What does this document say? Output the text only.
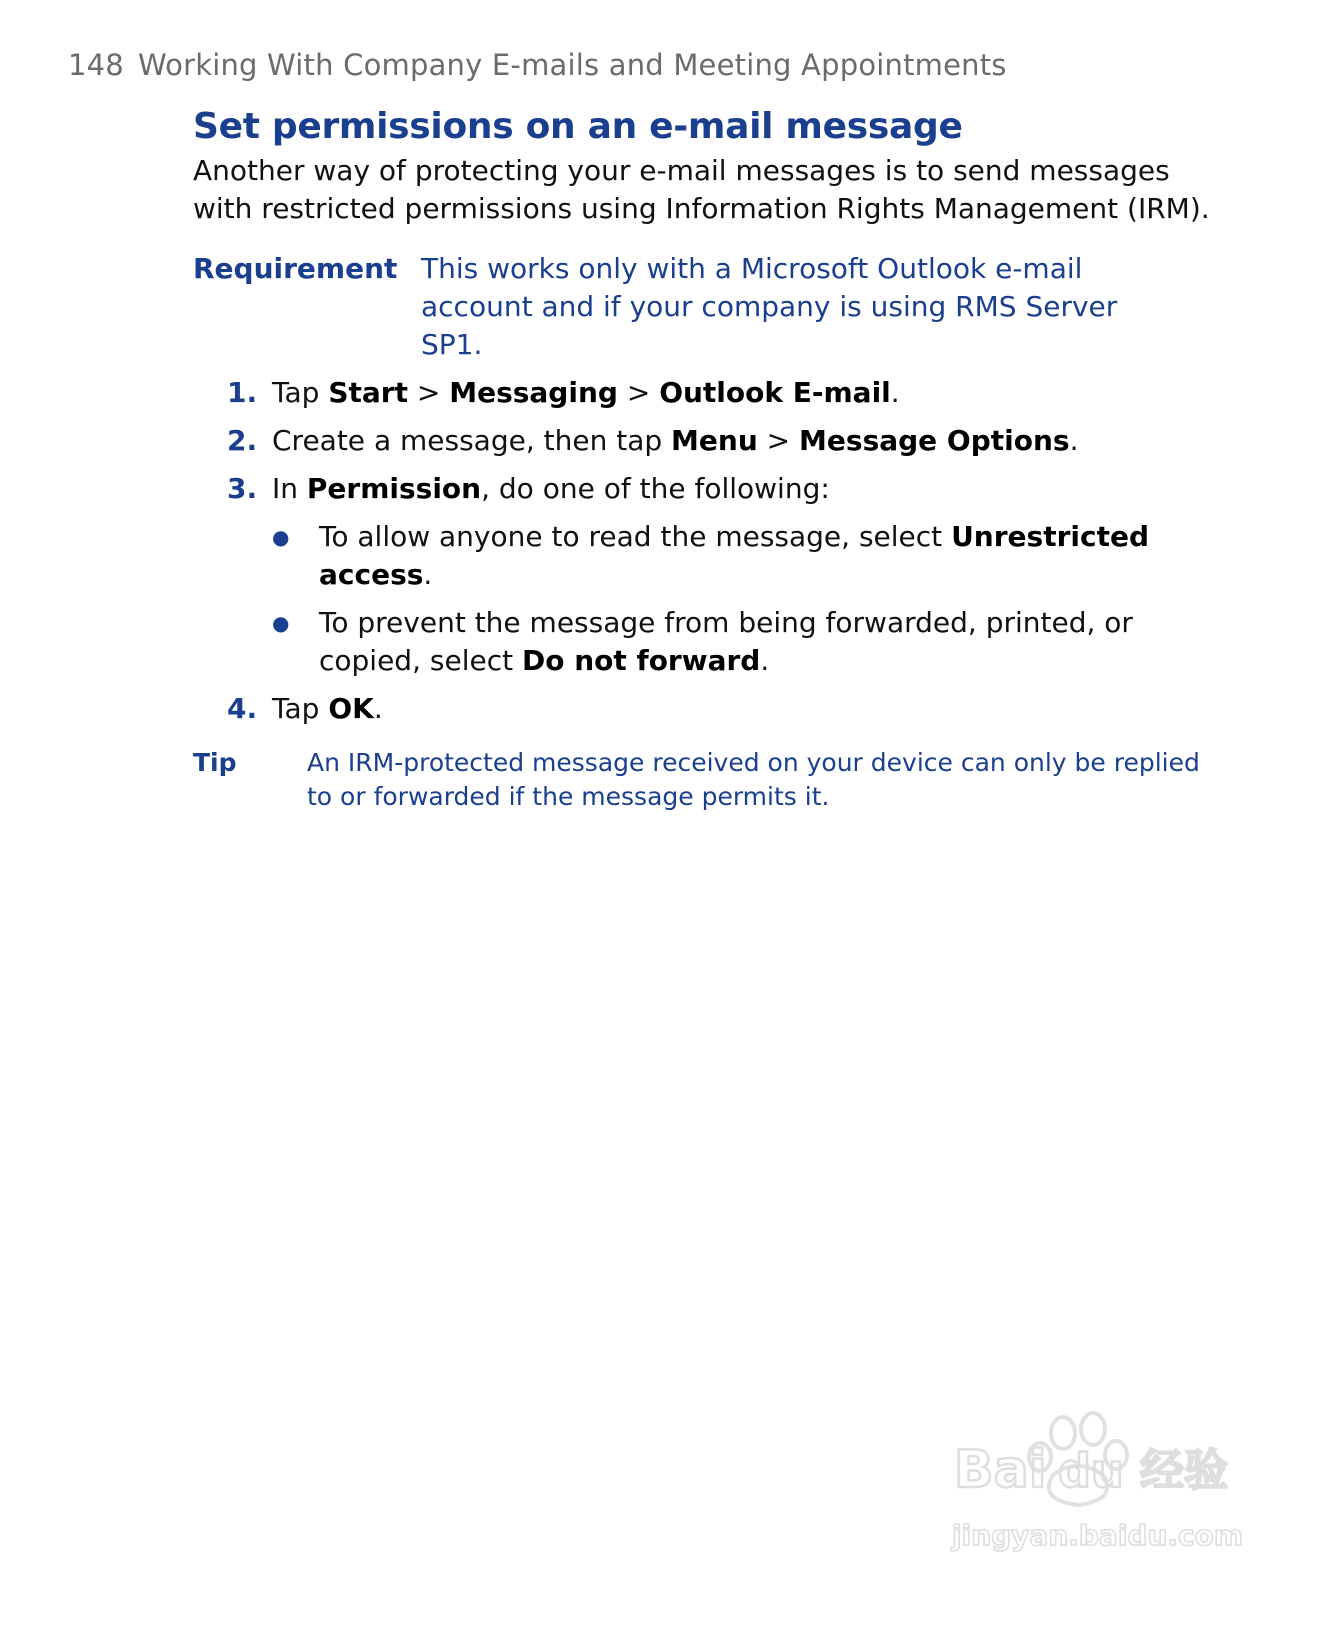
148 Working With Company E-mails and Meeting Appointments
Set permissions on an e-mail message

Another way of protecting your e-mail messages is to send messages with restricted permissions using Information Rights Management (IRM).

Requirement This works only with a Microsoft Outlook e-mail account and if your company is using RMS Server SP1.
1. Tap Start > Messaging > Outlook E-mail.
2. Create a message, then tap Menu > Message Options.
3. In Permission, do one of the following:
●	To allow anyone to read the message, select Unrestricted access.
●	To prevent the message from being forwarded, printed, or copied, select Do not forward.
4. Tap OK.
Tip	An IRM-protected message received on your device can only be replied to or forwarded if the message permits it.
Bai du 经验
jingyan.baidu.com
